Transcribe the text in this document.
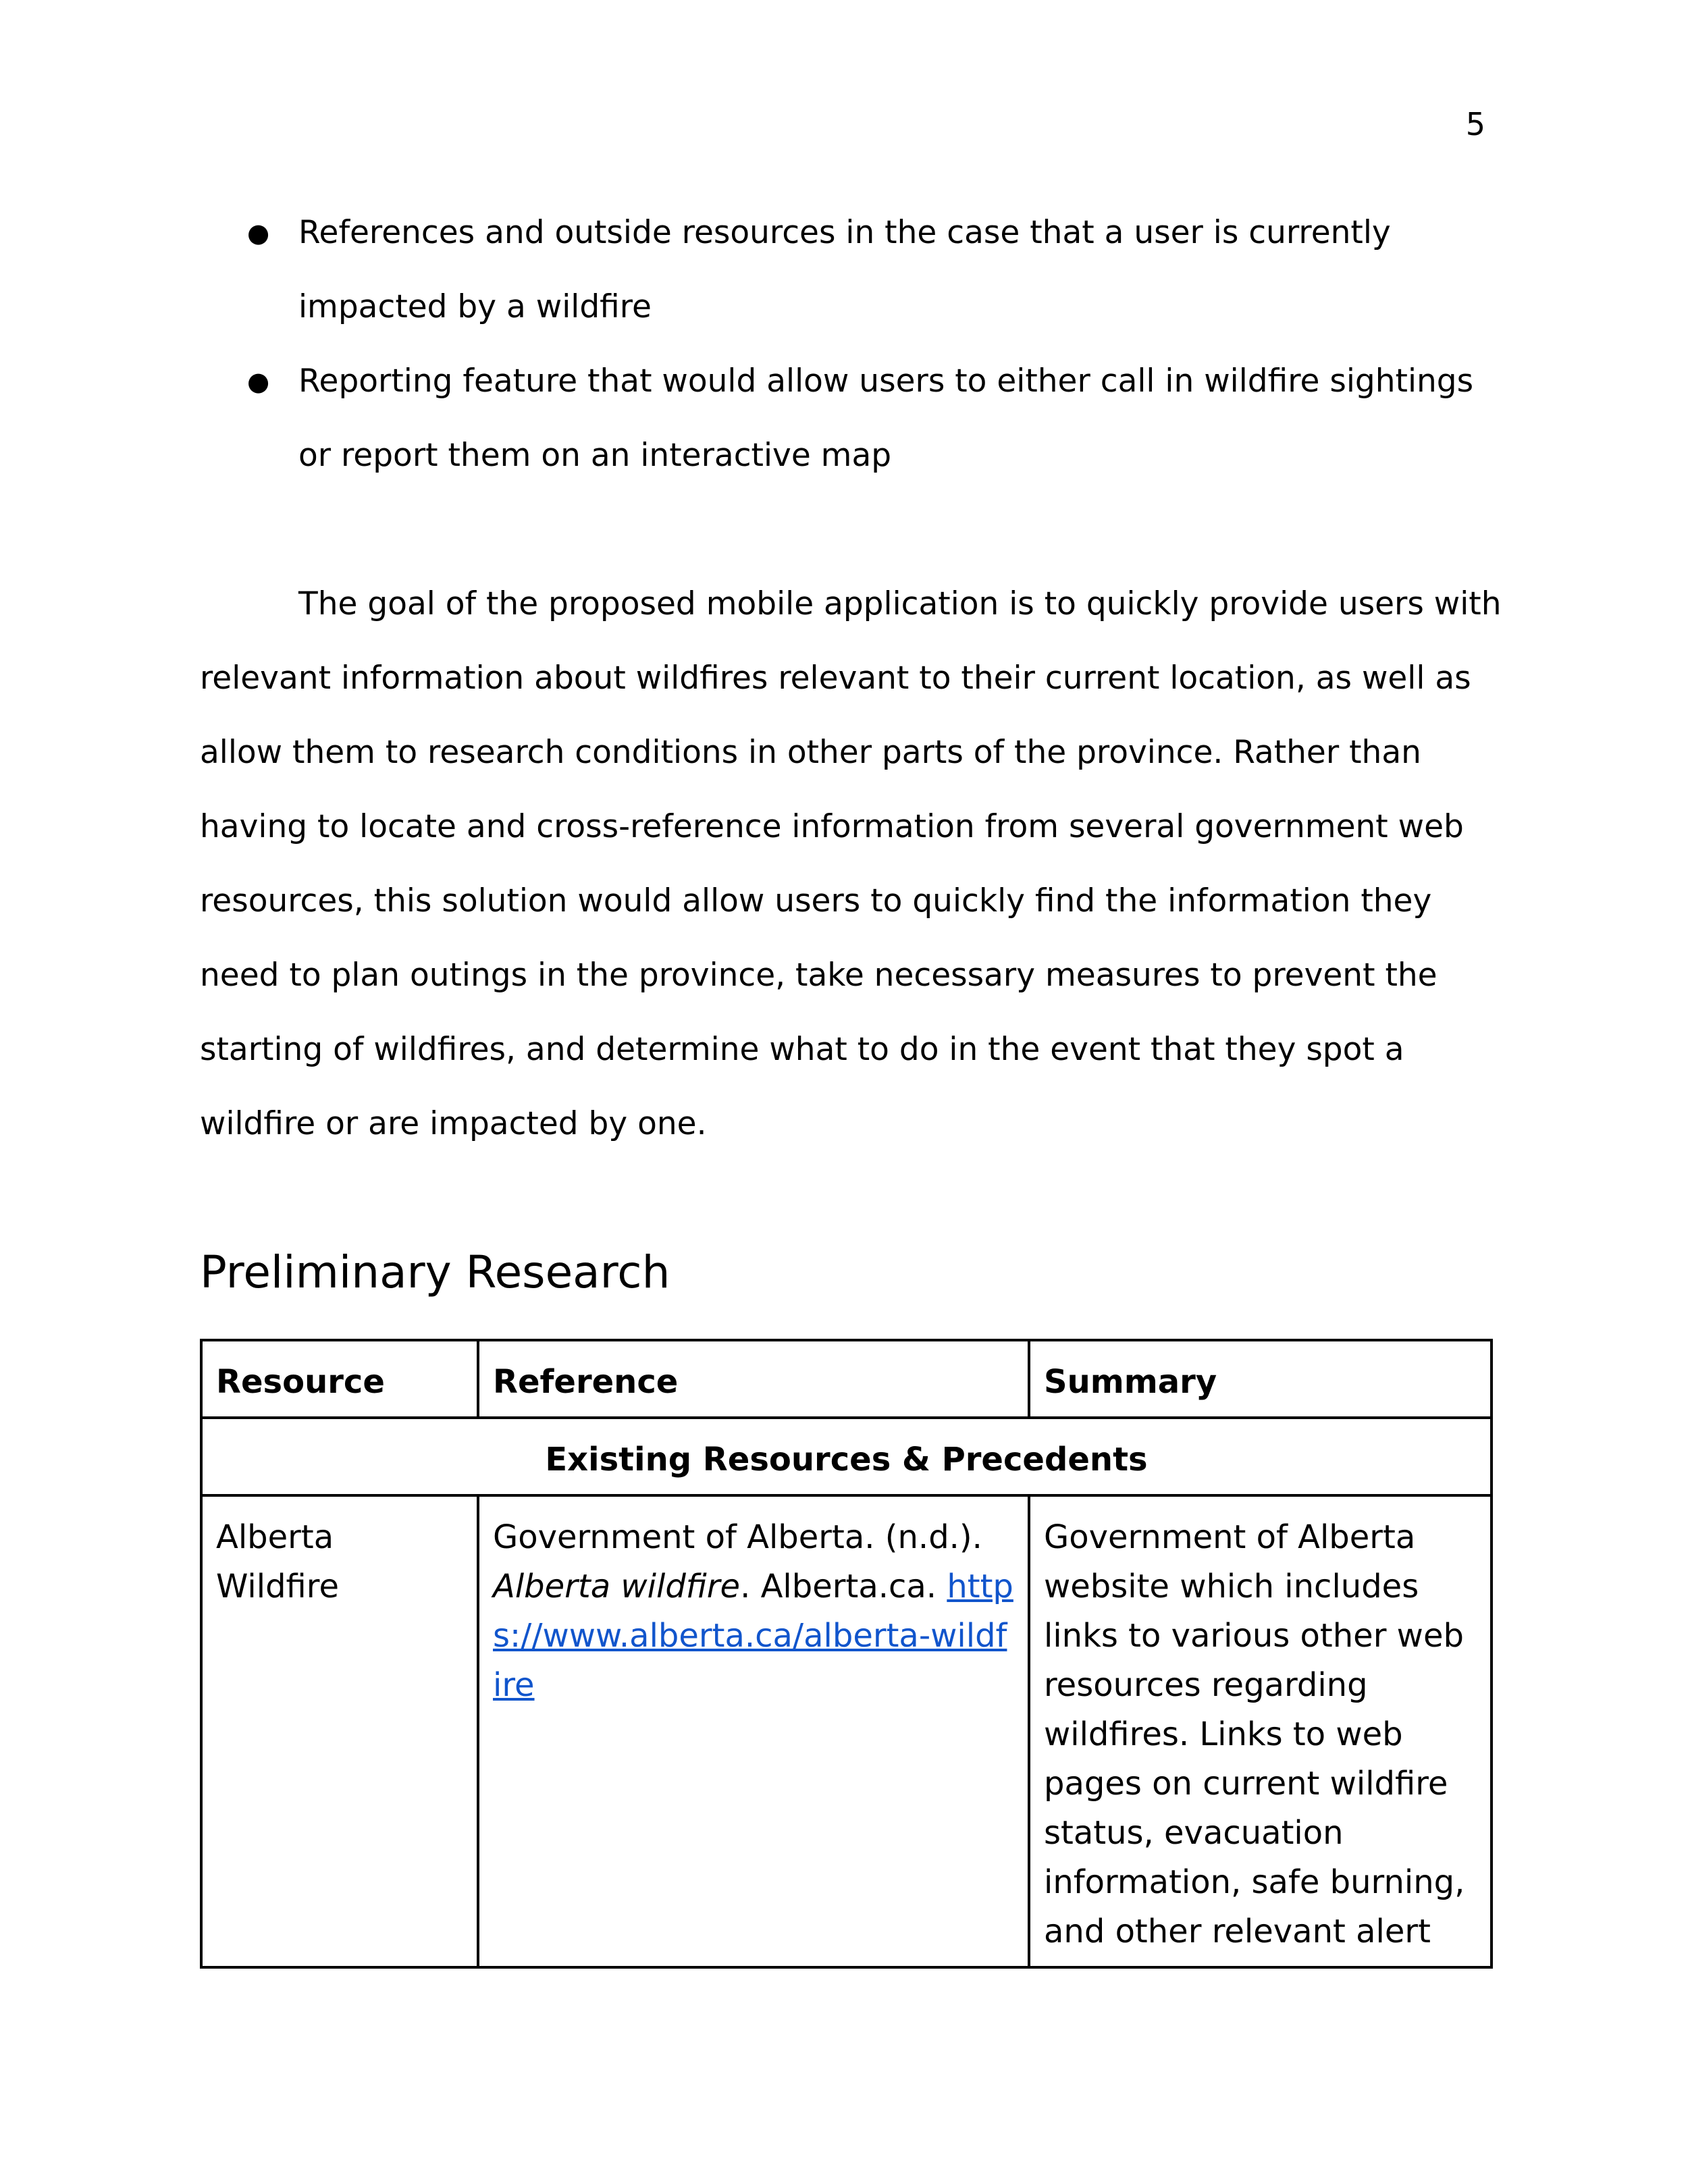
5
● References and outside resources in the case that a user is currently impacted by a wildfire
● Reporting feature that would allow users to either call in wildfire sightings or report them on an interactive map

The goal of the proposed mobile application is to quickly provide users with relevant information about wildfires relevant to their current location, as well as allow them to research conditions in other parts of the province. Rather than having to locate and cross-reference information from several government web resources, this solution would allow users to quickly find the information they need to plan outings in the province, take necessary measures to prevent the starting of wildfires, and determine what to do in the event that they spot a wildfire or are impacted by one.

Preliminary Research
Resource	Reference	Summary
Existing Resources & Precedents		
Alberta Wildfire	Government of Alberta. (n.d.). Alberta wildfire. Alberta.ca. https://www.alberta.ca/alberta-wildfire	Government of Alberta website which includes links to various other web resources regarding wildfires. Links to web pages on current wildfire status, evacuation information, safe burning, and other relevant alert
